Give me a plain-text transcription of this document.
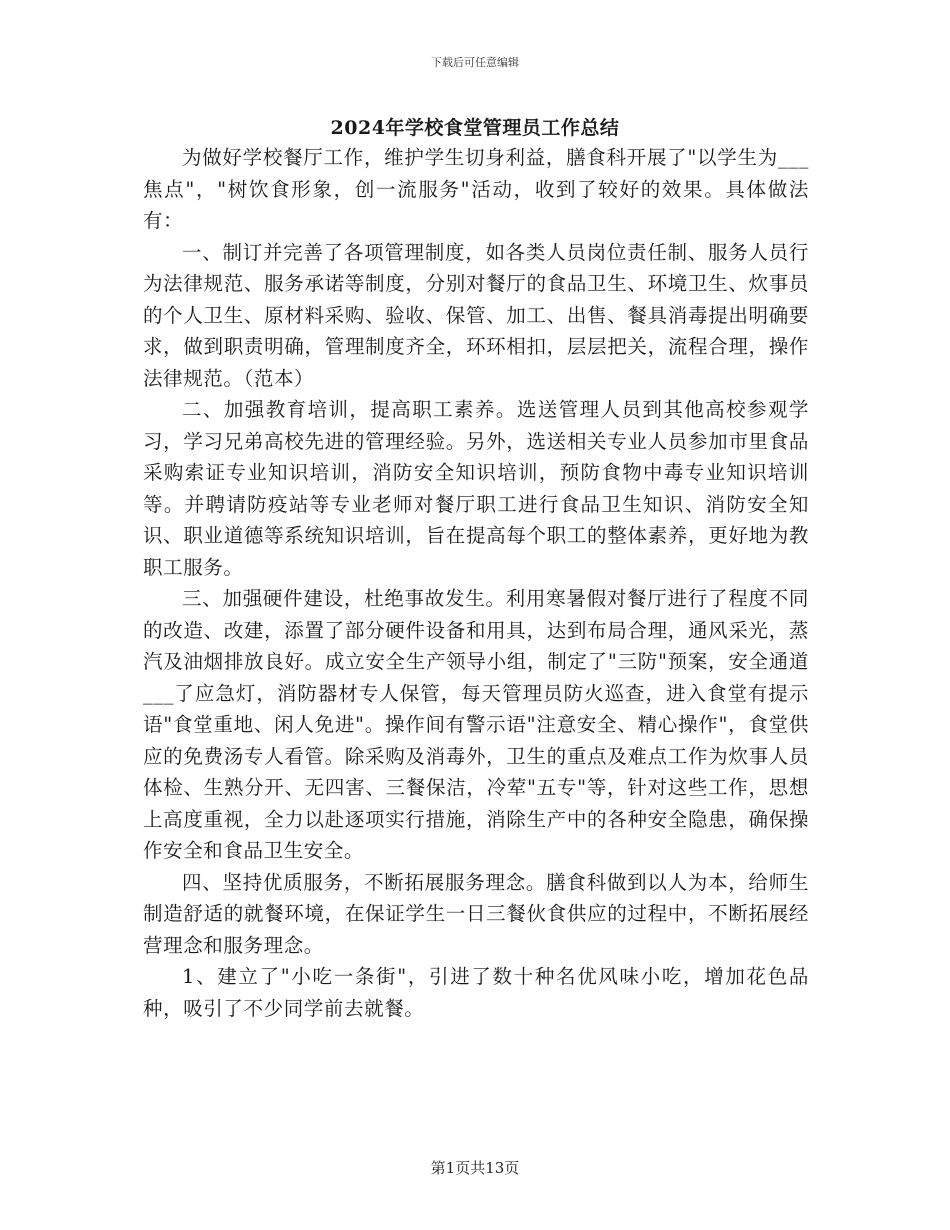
下载后可任意编辑
2024年学校食堂管理员工作总结

为做好学校餐厅工作，维护学生切身利益，膳食科开展了"以学生为___焦点"，"树饮食形象，创一流服务"活动，收到了较好的效果。具体做法有：

一、制订并完善了各项管理制度，如各类人员岗位责任制、服务人员行为法律规范、服务承诺等制度，分别对餐厅的食品卫生、环境卫生、炊事员的个人卫生、原材料采购、验收、保管、加工、出售、餐具消毒提出明确要求，做到职责明确，管理制度齐全，环环相扣，层层把关，流程合理，操作法律规范。（范本）

二、加强教育培训，提高职工素养。选送管理人员到其他高校参观学习，学习兄弟高校先进的管理经验。另外，选送相关专业人员参加市里食品采购索证专业知识培训，消防安全知识培训，预防食物中毒专业知识培训等。并聘请防疫站等专业老师对餐厅职工进行食品卫生知识、消防安全知识、职业道德等系统知识培训，旨在提高每个职工的整体素养，更好地为教职工服务。

三、加强硬件建设，杜绝事故发生。利用寒暑假对餐厅进行了程度不同的改造、改建，添置了部分硬件设备和用具，达到布局合理，通风采光，蒸汽及油烟排放良好。成立安全生产领导小组，制定了"三防"预案，安全通道___了应急灯，消防器材专人保管，每天管理员防火巡查，进入食堂有提示语"食堂重地、闲人免进"。操作间有警示语"注意安全、精心操作"，食堂供应的免费汤专人看管。除采购及消毒外，卫生的重点及难点工作为炊事人员体检、生熟分开、无四害、三餐保洁，冷荤"五专"等，针对这些工作，思想上高度重视，全力以赴逐项实行措施，消除生产中的各种安全隐患，确保操作安全和食品卫生安全。

四、坚持优质服务，不断拓展服务理念。膳食科做到以人为本，给师生制造舒适的就餐环境，在保证学生一日三餐伙食供应的过程中，不断拓展经营理念和服务理念。

1、建立了"小吃一条街"，引进了数十种名优风味小吃，增加花色品种，吸引了不少同学前去就餐。

第1页共13页
